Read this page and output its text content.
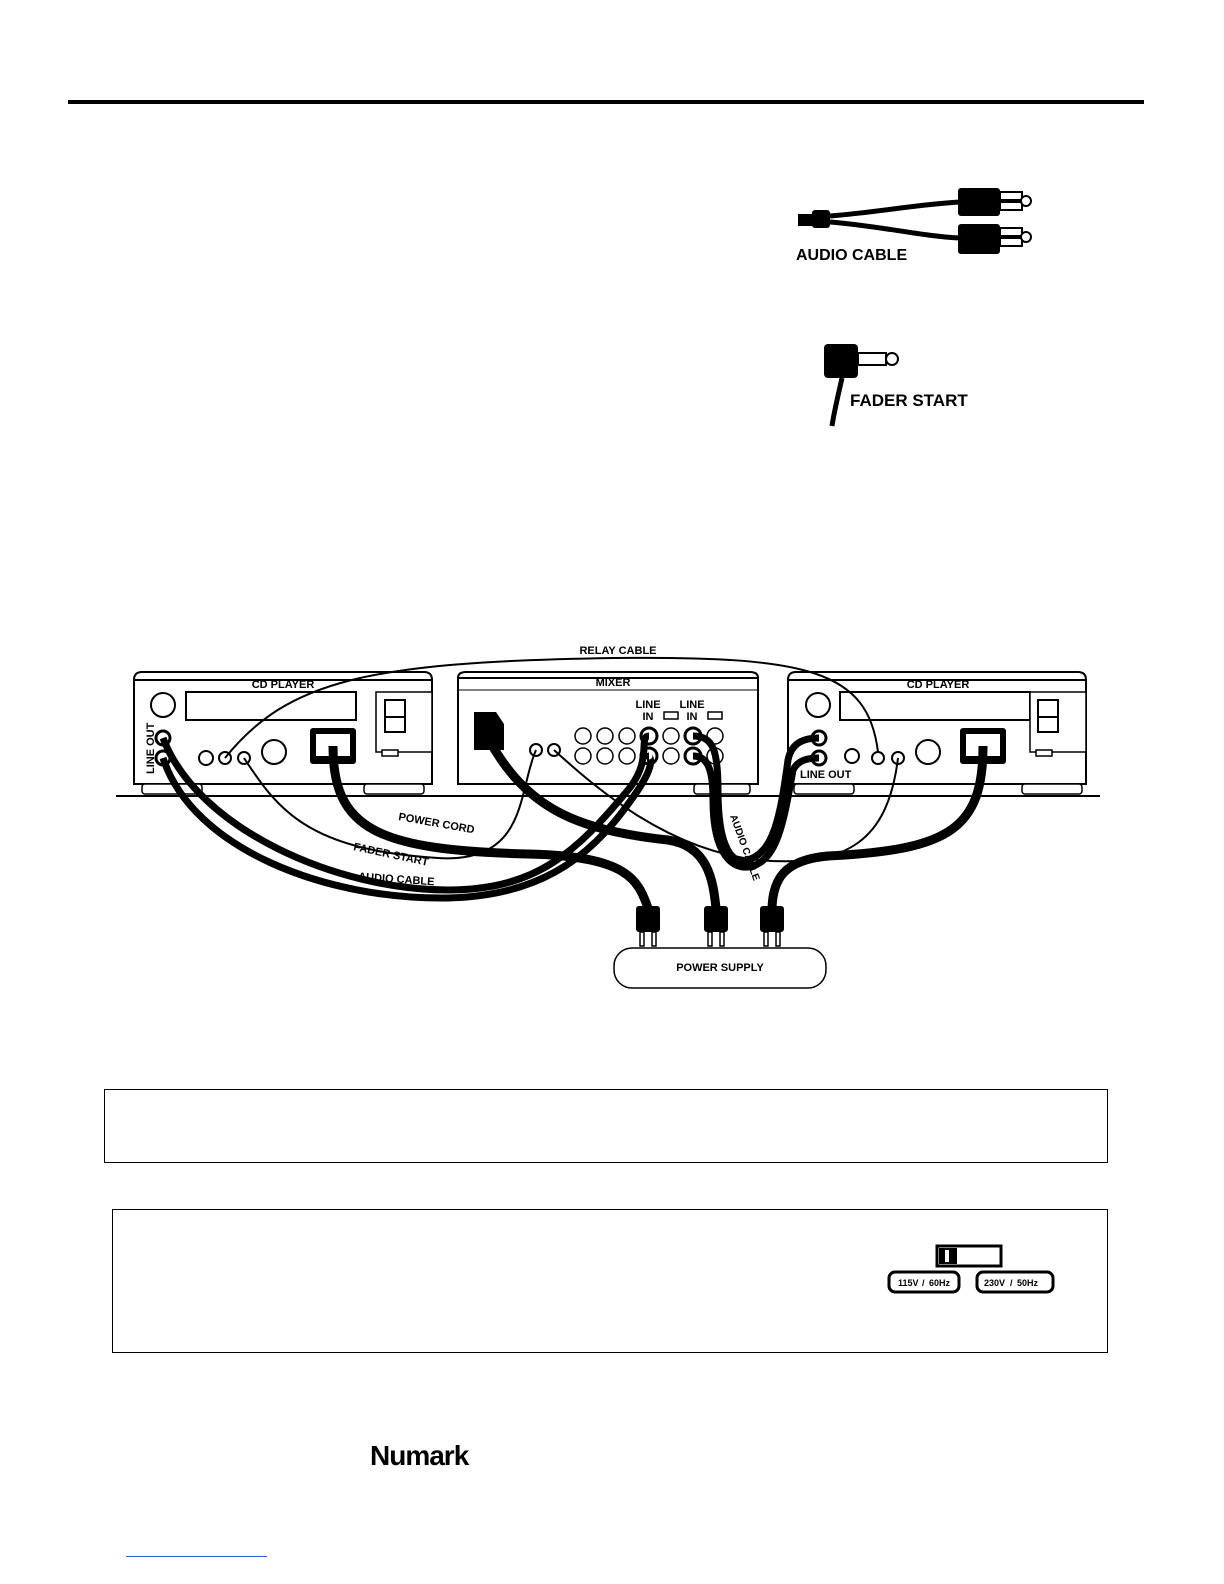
AUDIO CABLE
FADER START
CD PLAYER
LINE OUT
MIXER
LINE
IN
LINE
IN
CD PLAYER
LINE OUT
RELAY CABLE
FADER START
AUDIO CABLE	AUDIO CABLE
POWER CORD
POWER SUPPLY
115V / 60Hz	230V / 50Hz
Numark
